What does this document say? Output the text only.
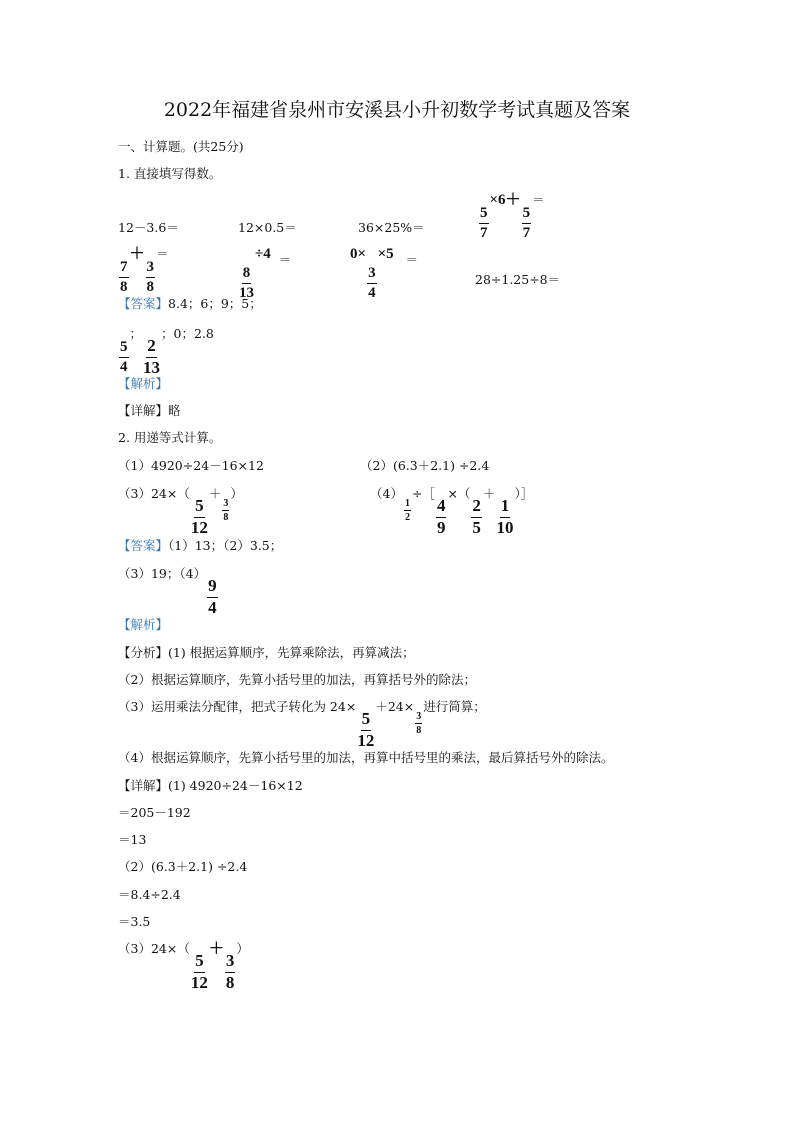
2022年福建省泉州市安溪县小升初数学考试真题及答案
一、计算题。(共25分)
1. 直接填写得数。
12－3.6＝	12×0.5＝	36×25%＝	$\frac{5}{7}$
×6＋
$\frac{5}{7}$
＝
$\frac{7}{8}$
＋
$\frac{3}{8}$
＝
$\frac{8}{13}$
÷4 ＝	0×
$\frac{3}{4}$
×5 ＝
28÷1.25÷8＝
【答案】8.4；6；9；5；
$\frac{5}{4}$
；
$\frac{2}{13}$
；0；2.8
【解析】
【详解】略
2. 用递等式计算。
（1）4920÷24－16×12	（2）(6.3＋2.1) ÷2.4
（3）24×（
$\frac{5}{12}$
＋
$\frac{3}{8}$
）	（4）
$\frac{1}{2}$
÷［
$\frac{4}{9}$
×（
$\frac{2}{5}$
＋
$\frac{1}{10}$
）］
【答案】（1）13；（2）3.5；
（3）19；（4）
$\frac{9}{4}$
【解析】
【分析】(1) 根据运算顺序，先算乘除法，再算减法；
（2）根据运算顺序，先算小括号里的加法，再算括号外的除法；
（3）运用乘法分配律，把式子转化为 24×
$\frac{5}{12}$
＋24×
$\frac{3}{8}$
进行简算；
（4）根据运算顺序，先算小括号里的加法，再算中括号里的乘法，最后算括号外的除法。
【详解】(1) 4920÷24－16×12
＝205－192
＝13
（2）(6.3＋2.1) ÷2.4
＝8.4÷2.4
＝3.5
（3）24×（
$\frac{5}{12}$
＋
$\frac{3}{8}$
）
